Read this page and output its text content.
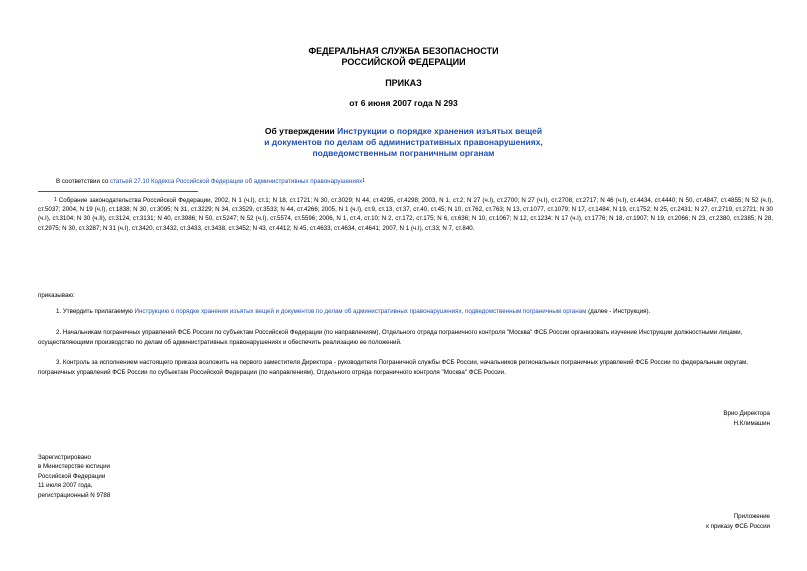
ФЕДЕРАЛЬНАЯ СЛУЖБА БЕЗОПАСНОСТИ
РОССИЙСКОЙ ФЕДЕРАЦИИ
ПРИКАЗ
от 6 июня 2007 года N 293
Об утверждении Инструкции о порядке хранения изъятых вещей
и документов по делам об административных правонарушениях,
подведомственным пограничным органам
В соответствии со статьей 27.10 Кодекса Российской Федерации об административных правонарушениях$^1$
$^1$ Собрание законодательства Российской Федерации, 2002, N 1 (ч.I), ст.1; N 18, ст.1721; N 30, ст.3029; N 44, ст.4295, ст.4298; 2003, N 1, ст.2; N 27 (ч.I), ст.2700; N 27 (ч.I), ст.2708, ст.2717; N 46 (ч.I), ст.4434, ст.4440; N 50, ст.4847, ст.4855; N 52 (ч.I), ст.5037; 2004, N 19 (ч.I), ст.1838; N 30, ст.3095; N 31, ст.3229; N 34, ст.3529, ст.3533; N 44, ст.4266; 2005, N 1 (ч.I), ст.9, ст.13, ст.37, ст.40, ст.45; N 10, ст.762, ст.763; N 13, ст.1077, ст.1079; N 17, ст.1484; N 19, ст.1752; N 25, ст.2431; N 27, ст.2719, ст.2721; N 30 (ч.I), ст.3104; N 30 (ч.II), ст.3124, ст.3131; N 40, ст.3986; N 50, ст.5247; N 52 (ч.I), ст.5574, ст.5596; 2006, N 1, ст.4, ст.10; N 2, ст.172, ст.175; N 6, ст.636; N 10, ст.1067; N 12, ст.1234; N 17 (ч.I), ст.1776; N 18, ст.1907; N 19, ст.2066; N 23, ст.2380, ст.2385; N 28, ст.2975; N 30, ст.3287; N 31 (ч.I), ст.3420, ст.3432, ст.3433, ст.3438, ст.3452; N 43, ст.4412; N 45, ст.4633, ст.4634, ст.4641; 2007, N 1 (ч.I), ст.33; N 7, ст.840.
приказываю:
1. Утвердить прилагаемую Инструкцию о порядке хранения изъятых вещей и документов по делам об административных правонарушениях, подведомственным пограничным органам (далее - Инструкция).
2. Начальникам пограничных управлений ФСБ России по субъектам Российской Федерации (по направлениям), Отдельного отряда пограничного контроля "Москва" ФСБ России организовать изучение Инструкции должностными лицами, осуществляющими производство по делам об административных правонарушениях и обеспечить реализацию ее положений.
3. Контроль за исполнением настоящего приказа возложить на первого заместителя Директора - руководителя Пограничной службы ФСБ России, начальников региональных пограничных управлений ФСБ России по федеральным округам, пограничных управлений ФСБ России по субъектам Российской Федерации (по направлениям), Отдельного отряда пограничного контроля "Москва" ФСБ России.
Врио Директора
Н.Климашин
Зарегистрировано
в Министерстве юстиции
Российской Федерации
11 июля 2007 года,
регистрационный N 9788
Приложение
к приказу ФСБ России
